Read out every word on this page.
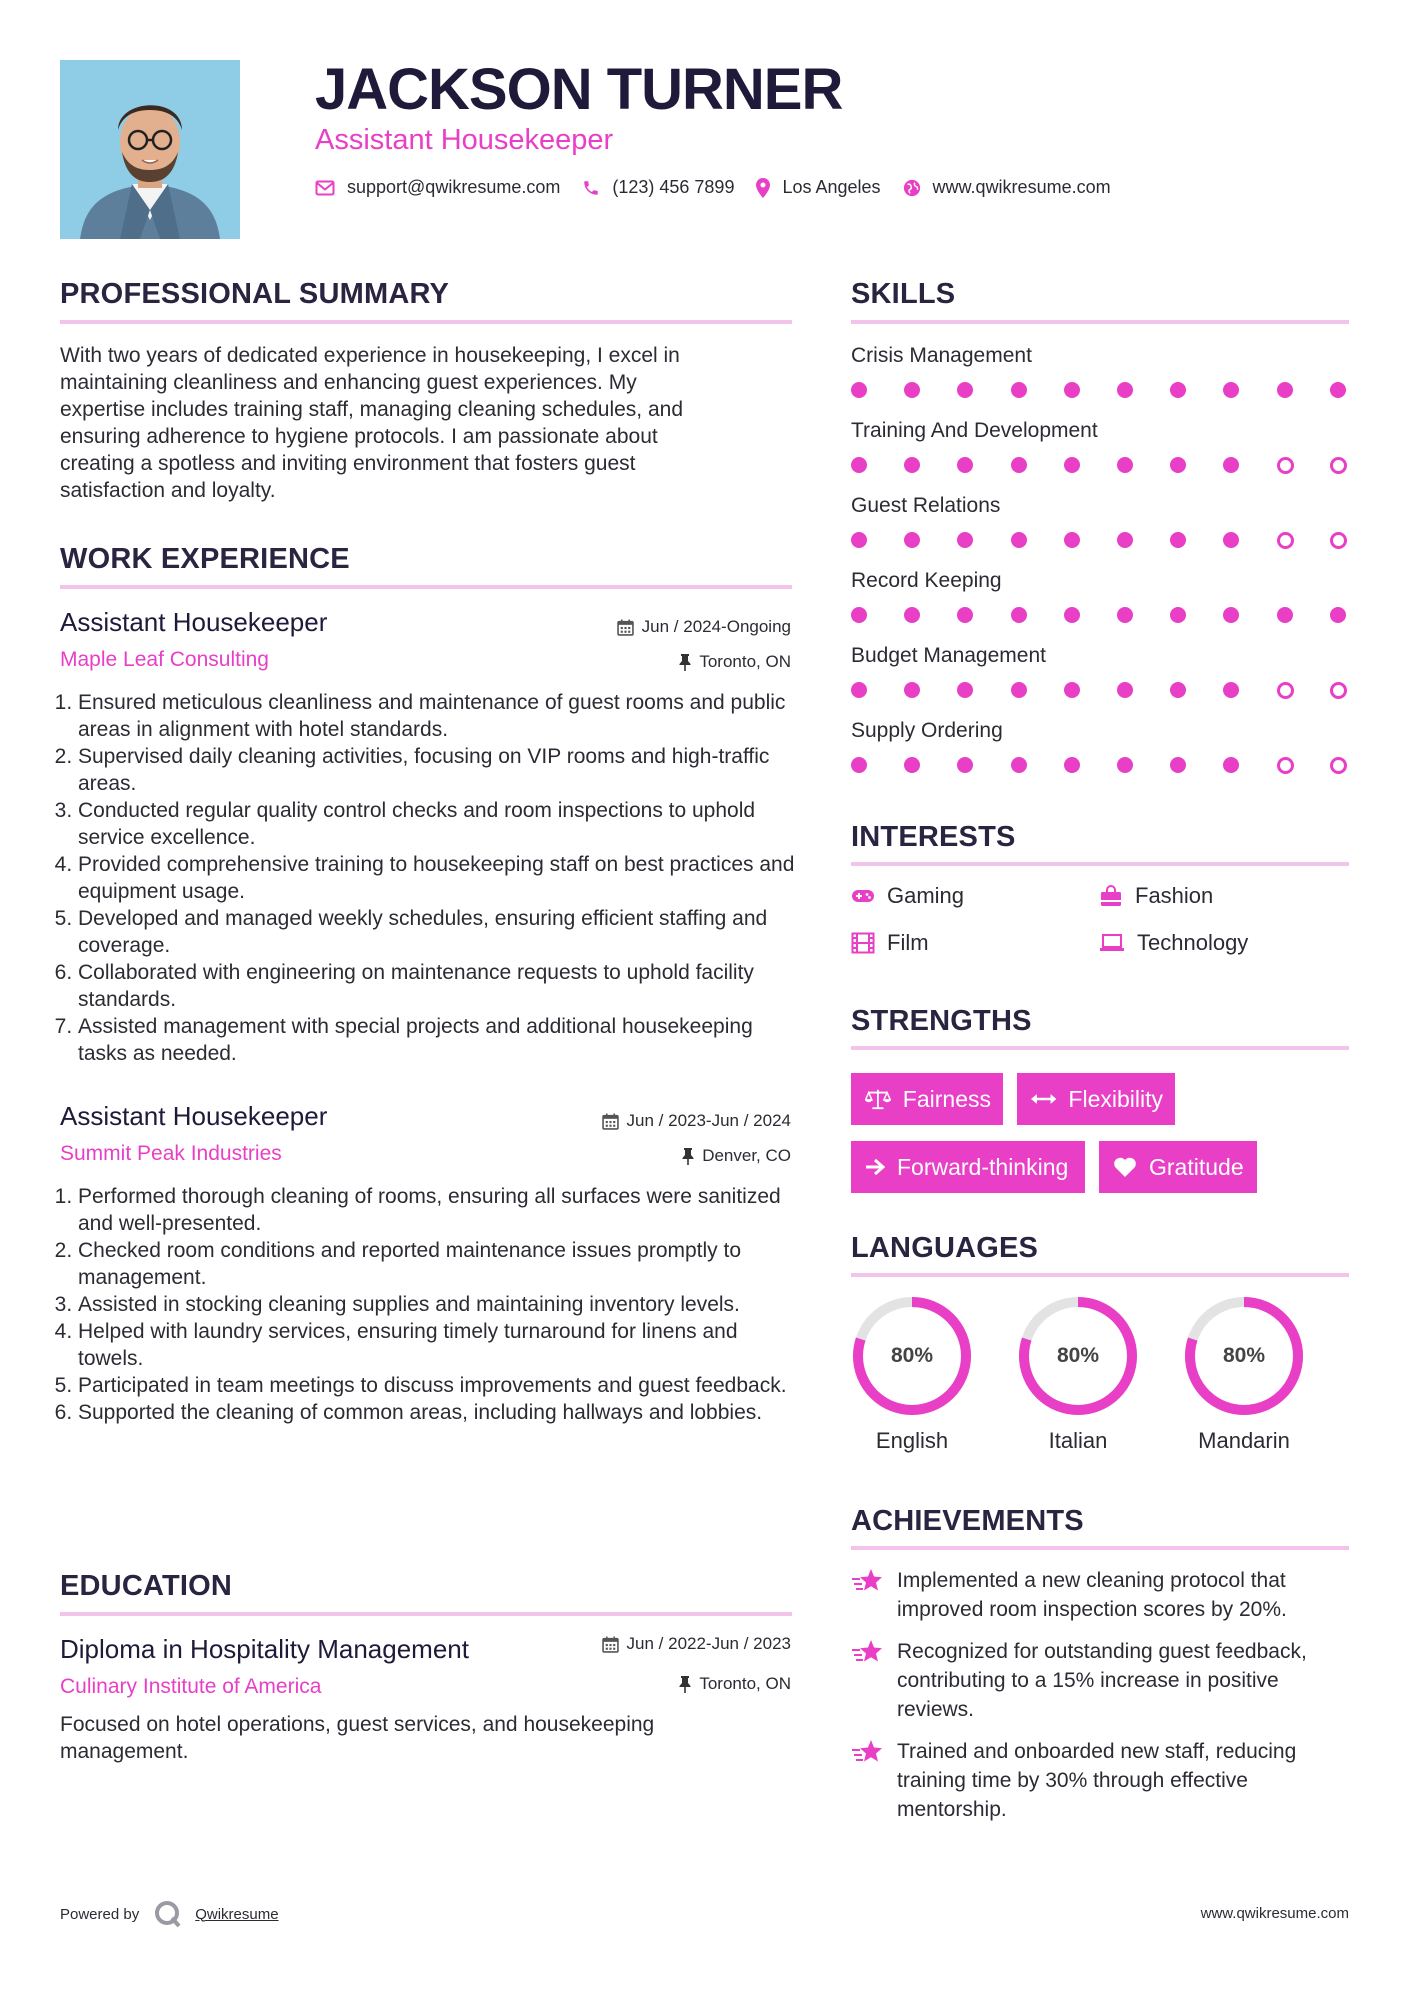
JACKSON TURNER
Assistant Housekeeper
support@qwikresume.com	(123) 456 7899	Los Angeles	www.qwikresume.com
PROFESSIONAL SUMMARY
With two years of dedicated experience in housekeeping, I excel in
maintaining cleanliness and enhancing guest experiences. My
expertise includes training staff, managing cleaning schedules, and
ensuring adherence to hygiene protocols. I am passionate about
creating a spotless and inviting environment that fosters guest
satisfaction and loyalty.
WORK EXPERIENCE
Assistant Housekeeper
Maple Leaf Consulting
Jun / 2024-Ongoing
Toronto, ON
1. Ensured meticulous cleanliness and maintenance of guest rooms and public areas in alignment with hotel standards.
2. Supervised daily cleaning activities, focusing on VIP rooms and high-traffic areas.
3. Conducted regular quality control checks and room inspections to uphold service excellence.
4. Provided comprehensive training to housekeeping staff on best practices and equipment usage.
5. Developed and managed weekly schedules, ensuring efficient staffing and coverage.
6. Collaborated with engineering on maintenance requests to uphold facility standards.
7. Assisted management with special projects and additional housekeeping tasks as needed.
Assistant Housekeeper
Summit Peak Industries
Jun / 2023-Jun / 2024
Denver, CO
1. Performed thorough cleaning of rooms, ensuring all surfaces were sanitized and well-presented.
2. Checked room conditions and reported maintenance issues promptly to management.
3. Assisted in stocking cleaning supplies and maintaining inventory levels.
4. Helped with laundry services, ensuring timely turnaround for linens and towels.
5. Participated in team meetings to discuss improvements and guest feedback.
6. Supported the cleaning of common areas, including hallways and lobbies.
EDUCATION
Diploma in Hospitality Management
Culinary Institute of America
Jun / 2022-Jun / 2023
Toronto, ON
Focused on hotel operations, guest services, and housekeeping management.
SKILLS
Crisis Management
Training And Development
Guest Relations
Record Keeping
Budget Management
Supply Ordering
INTERESTS
Gaming	Fashion
Film	Technology
STRENGTHS
Fairness	Flexibility
Forward-thinking	Gratitude
LANGUAGES
80%
English
80%
Italian
80%
Mandarin
ACHIEVEMENTS
Implemented a new cleaning protocol that improved room inspection scores by 20%.
Recognized for outstanding guest feedback, contributing to a 15% increase in positive reviews.
Trained and onboarded new staff, reducing training time by 30% through effective mentorship.
Powered by	Qwikresume	www.qwikresume.com
